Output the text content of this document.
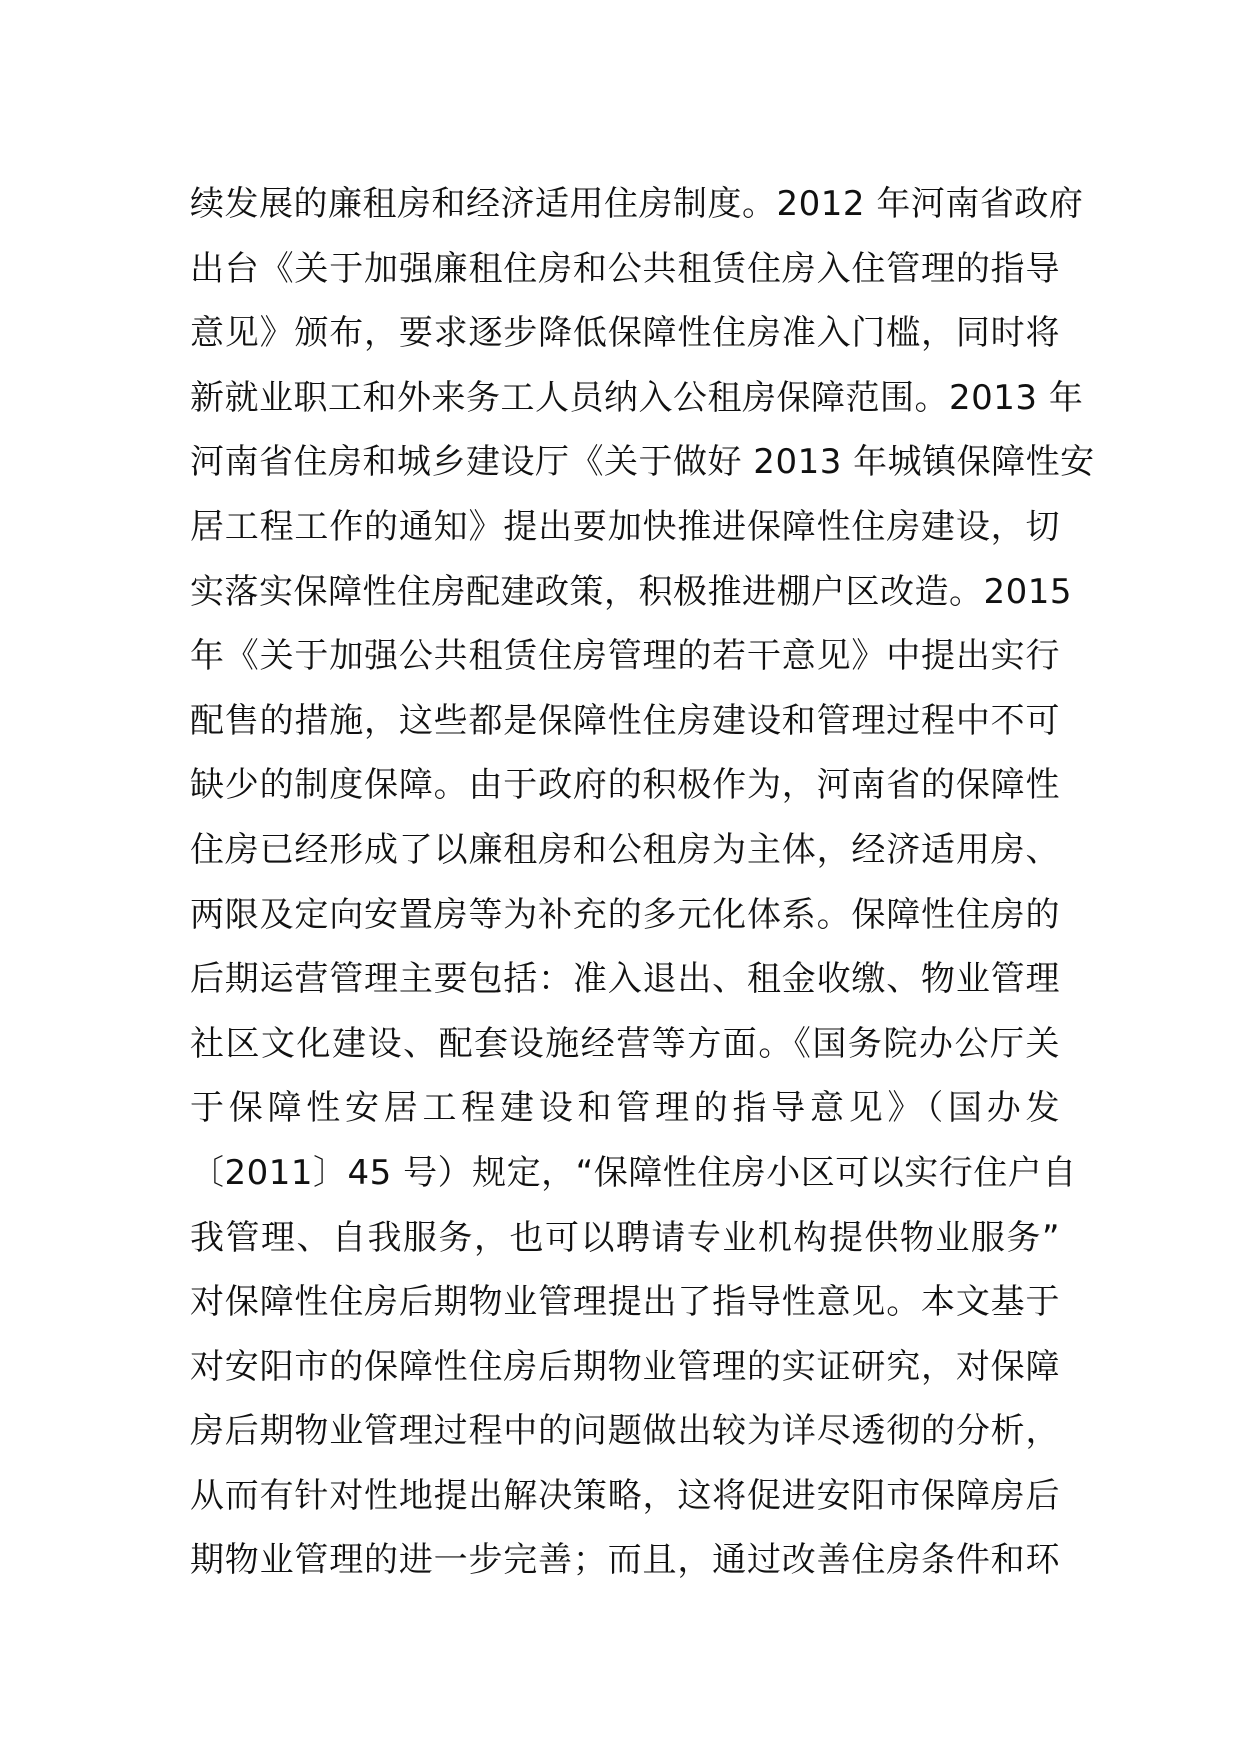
续发展的廉租房和经济适用住房制度。2012 年河南省政府
出台《关于加强廉租住房和公共租赁住房入住管理的指导
意见》颁布，要求逐步降低保障性住房准入门槛，同时将
新就业职工和外来务工人员纳入公租房保障范围。2013 年
河南省住房和城乡建设厅《关于做好 2013 年城镇保障性安
居工程工作的通知》提出要加快推进保障性住房建设，切
实落实保障性住房配建政策，积极推进棚户区改造。2015
年《关于加强公共租赁住房管理的若干意见》中提出实行
配售的措施，这些都是保障性住房建设和管理过程中不可
缺少的制度保障。由于政府的积极作为，河南省的保障性
住房已经形成了以廉租房和公租房为主体，经济适用房、
两限及定向安置房等为补充的多元化体系。保障性住房的
后期运营管理主要包括：准入退出、租金收缴、物业管理
社区文化建设、配套设施经营等方面。《国务院办公厅关
于保障性安居工程建设和管理的指导意见》（国办发
〔2011〕45 号）规定，“保障性住房小区可以实行住户自
我管理、自我服务，也可以聘请专业机构提供物业服务”
对保障性住房后期物业管理提出了指导性意见。本文基于
对安阳市的保障性住房后期物业管理的实证研究，对保障
房后期物业管理过程中的问题做出较为详尽透彻的分析，
从而有针对性地提出解决策略，这将促进安阳市保障房后
期物业管理的进一步完善；而且，通过改善住房条件和环
